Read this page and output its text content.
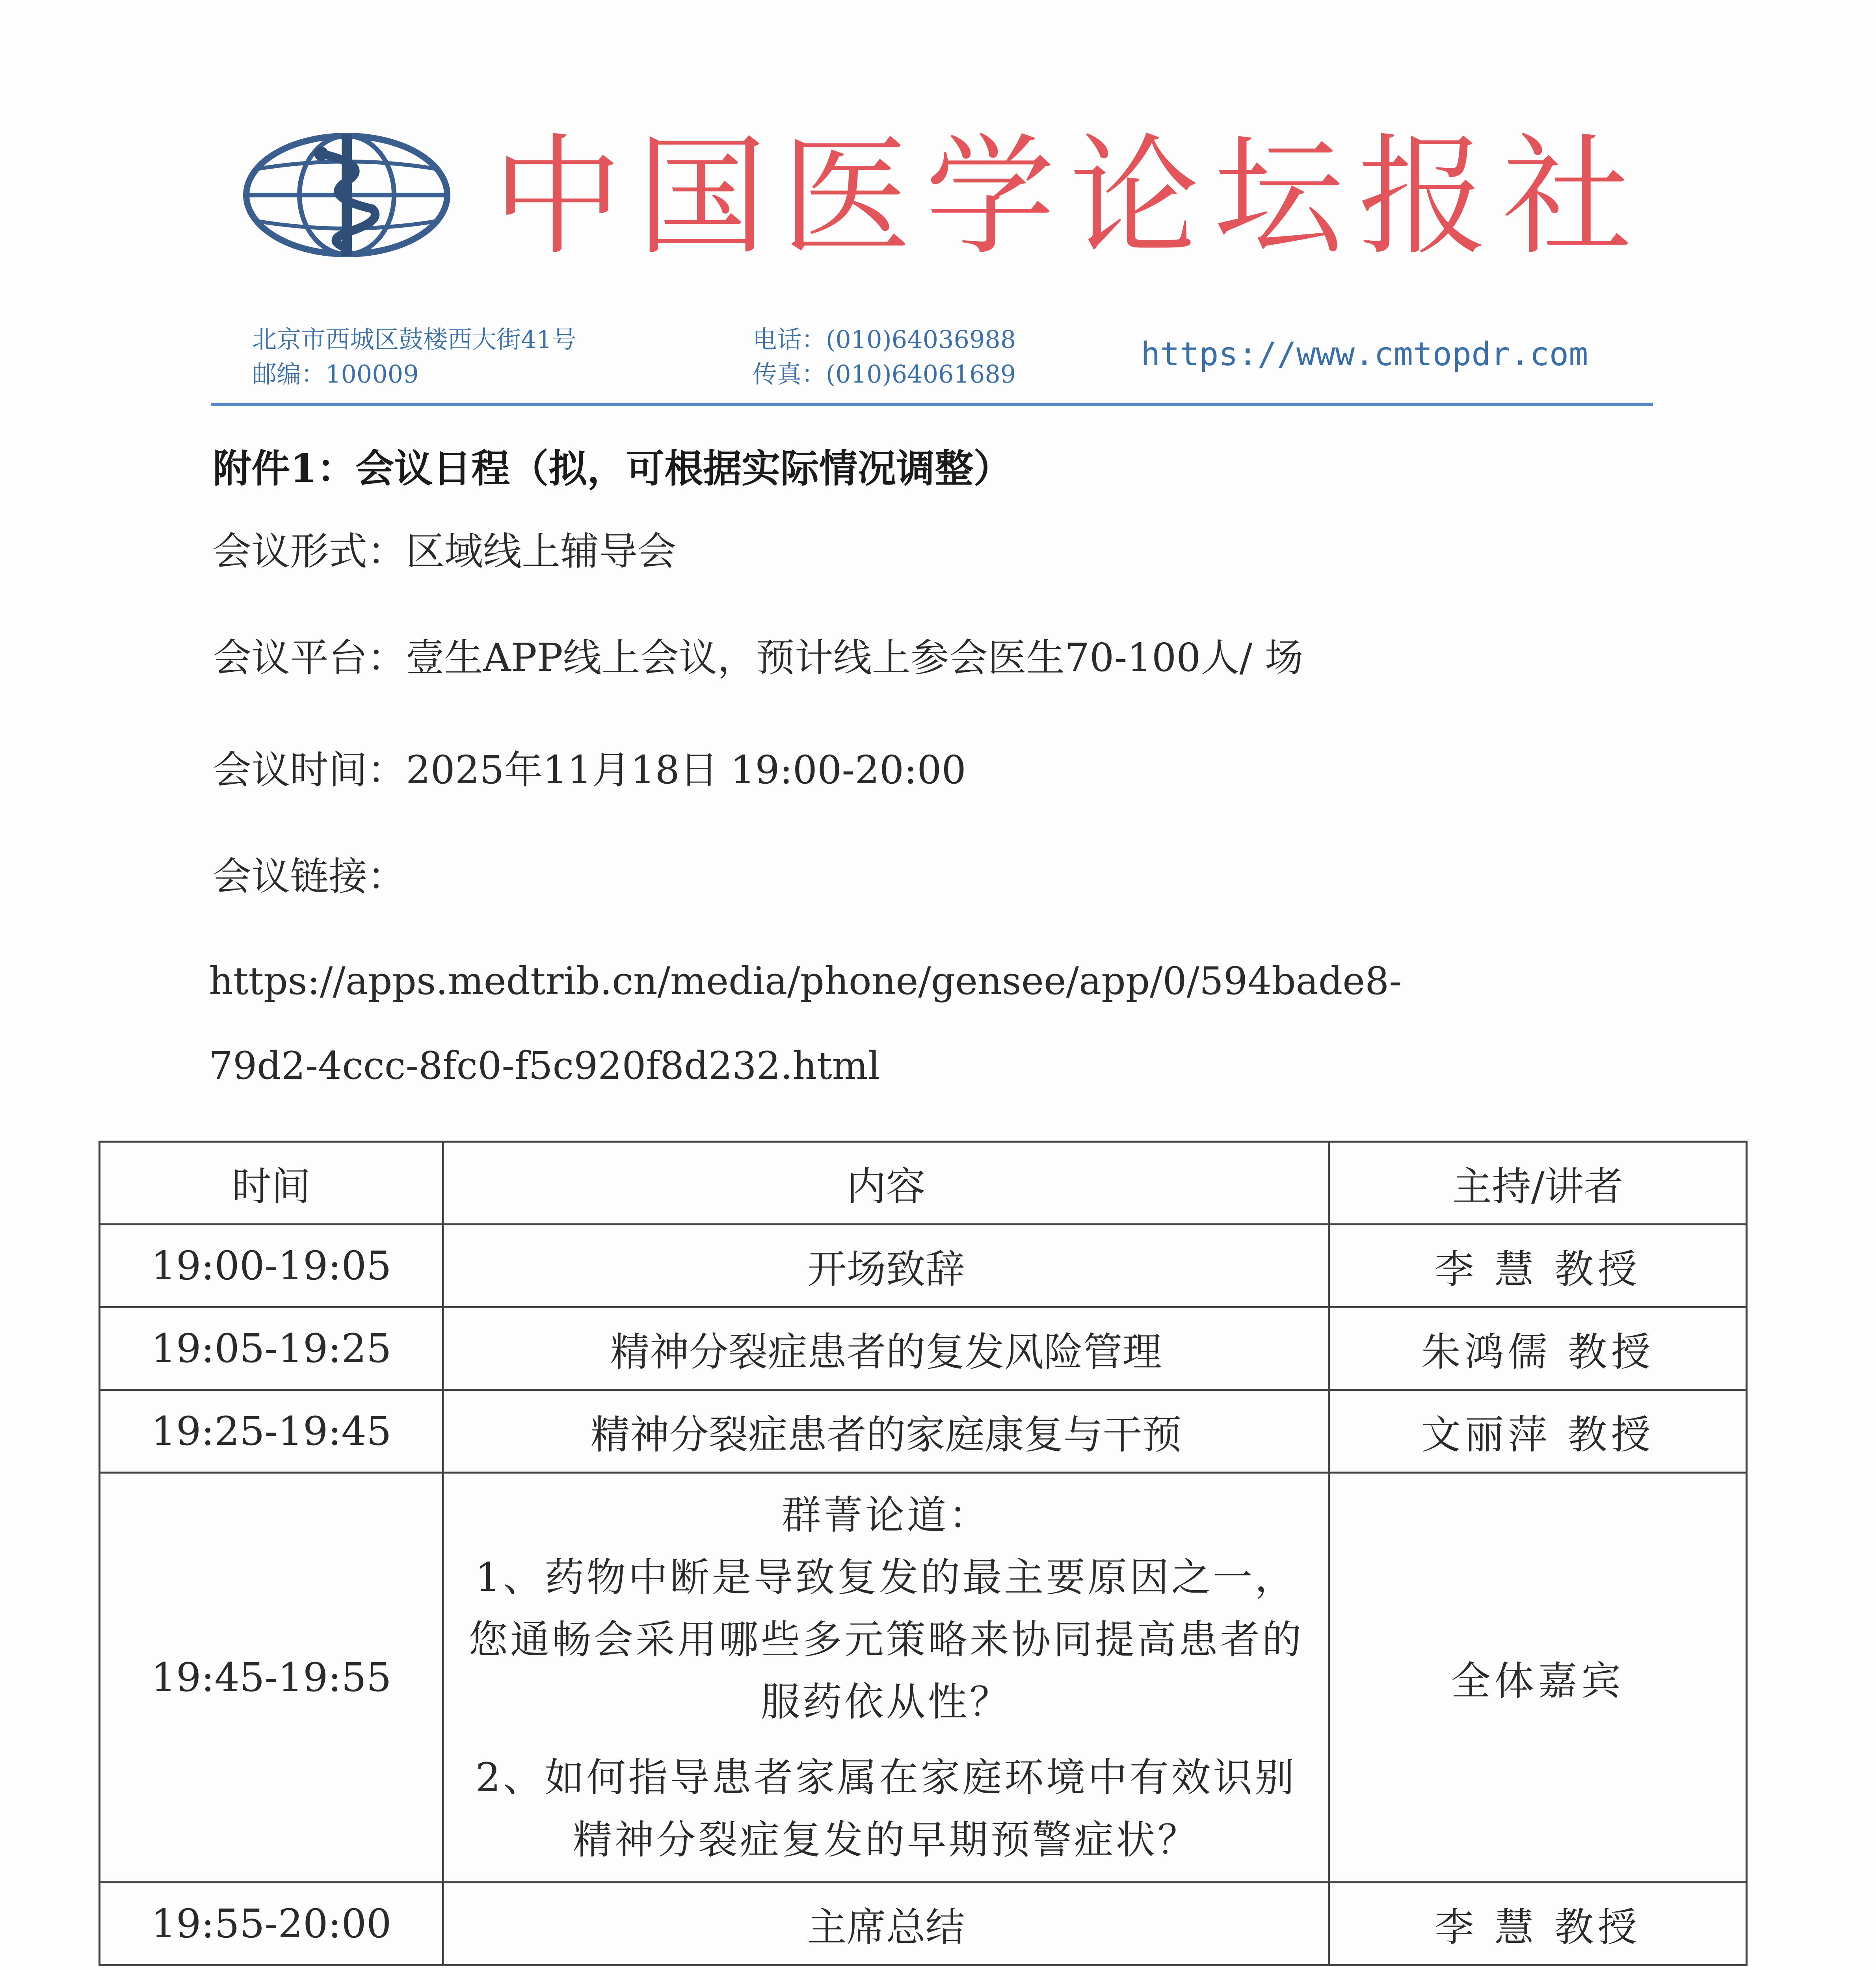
中国医学论坛报社
北京市西城区鼓楼西大街41号
邮编：100009
电话：(010)64036988
传真：(010)64061689
https://www.cmtopdr.com
附件1：会议日程（拟，可根据实际情况调整）
会议形式：区域线上辅导会
会议平台：壹生APP线上会议，预计线上参会医生70-100人/ 场
会议时间：2025年11月18日 19:00-20:00
会议链接：
https://apps.medtrib.cn/media/phone/gensee/app/0/594bade8-
79d2-4ccc-8fc0-f5c920f8d232.html
时间	内容	主持/讲者
19:00-19:05	开场致辞	李 慧 教授
19:05-19:25	精神分裂症患者的复发风险管理	朱鸿儒 教授
19:25-19:45	精神分裂症患者的家庭康复与干预	文丽萍 教授
19:45-19:55	群菁论道：
1、药物中断是导致复发的最主要原因之一，您通畅会采用哪些多元策略来协同提高患者的服药依从性？
2、如何指导患者家属在家庭环境中有效识别精神分裂症复发的早期预警症状？	全体嘉宾
19:55-20:00	主席总结	李 慧 教授
